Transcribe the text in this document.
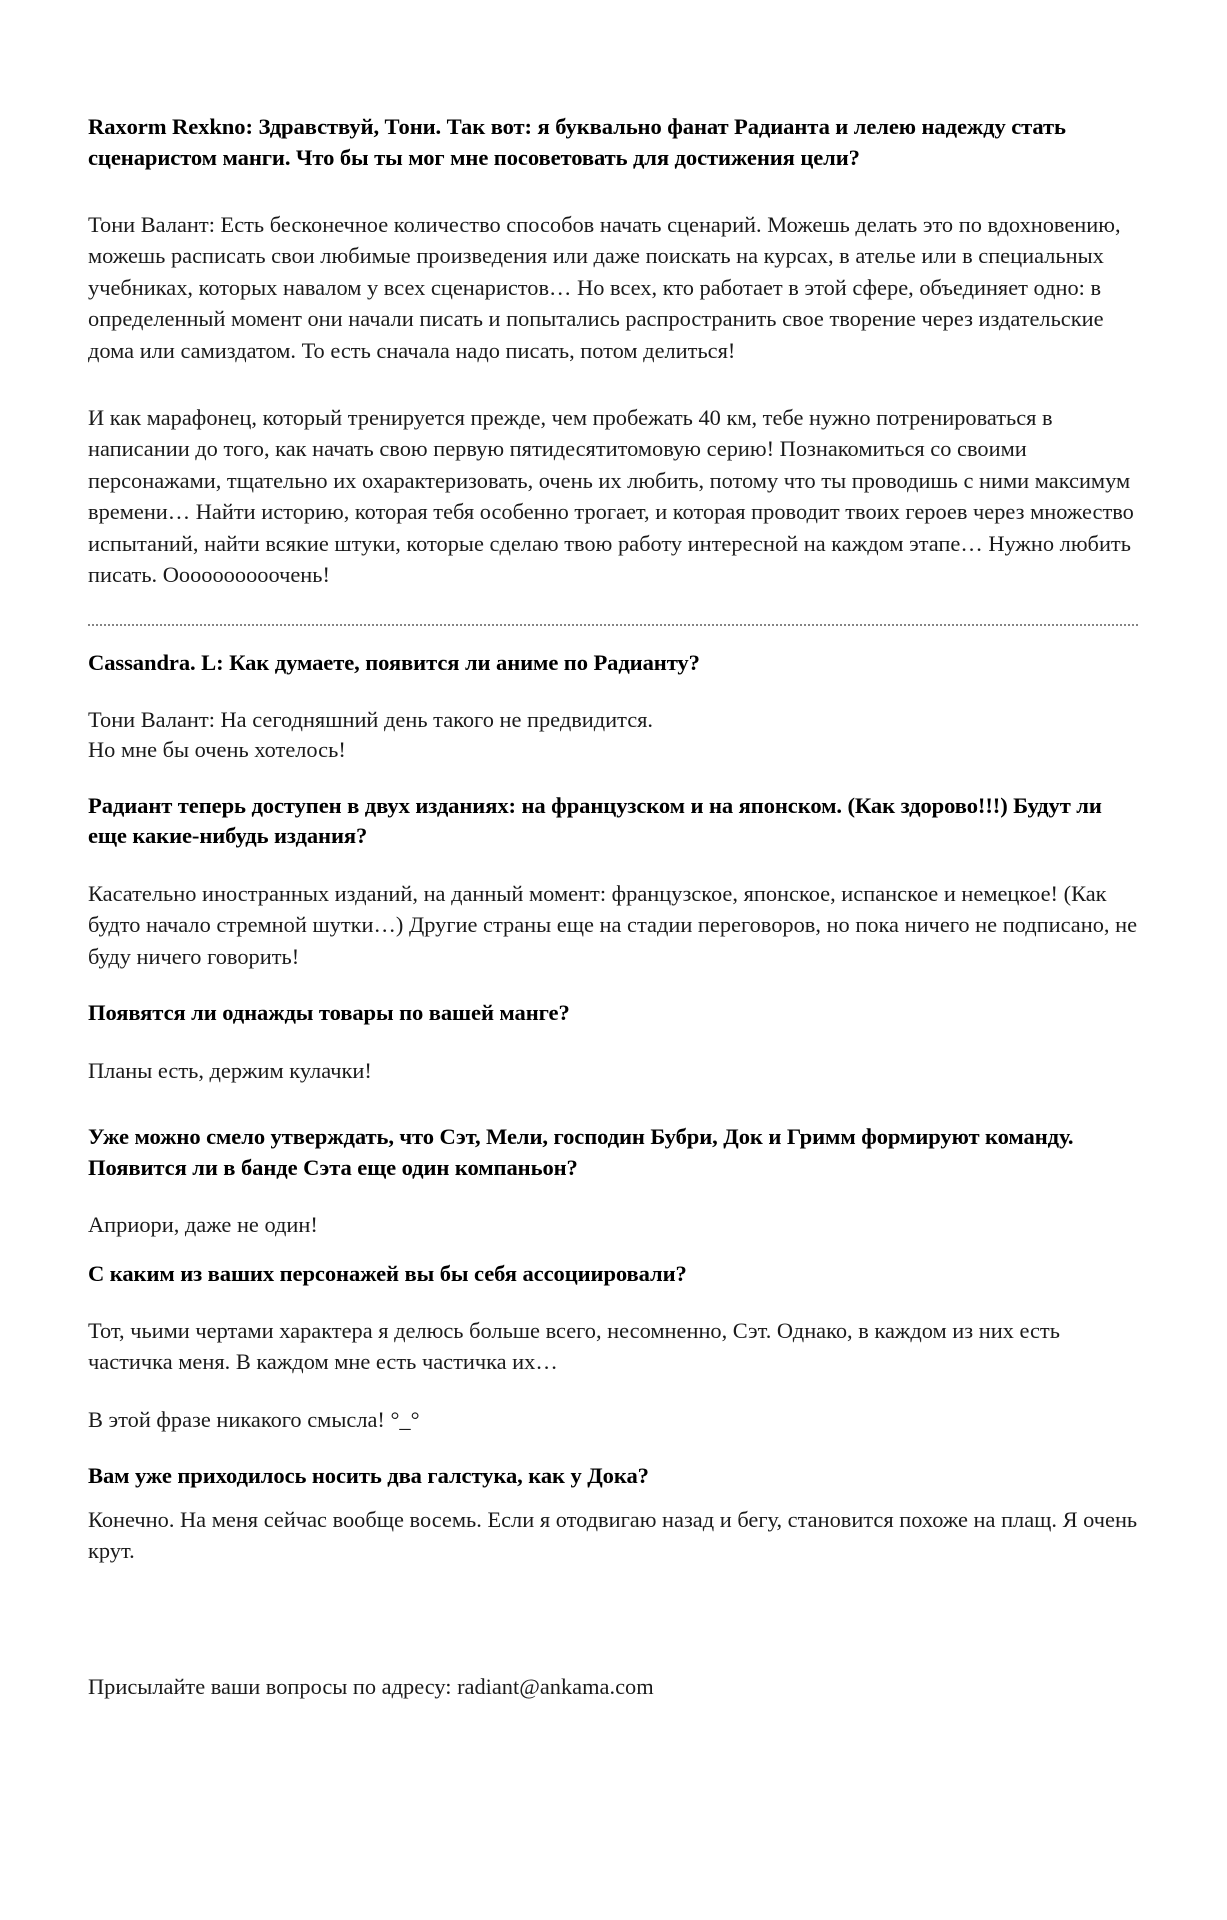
Raxorm Rexkno: Здравствуй, Тони. Так вот: я буквально фанат Радианта и лелею надежду стать сценаристом манги. Что бы ты мог мне посоветовать для достижения цели?

Тони Валант: Есть бесконечное количество способов начать сценарий. Можешь делать это по вдохновению, можешь расписать свои любимые произведения или даже поискать на курсах, в ателье или в специальных учебниках, которых навалом у всех сценаристов… Но всех, кто работает в этой сфере, объединяет одно: в определенный момент они начали писать и попытались распространить свое творение через издательские дома или самиздатом. То есть сначала надо писать, потом делиться!

И как марафонец, который тренируется прежде, чем пробежать 40 км, тебе нужно потренироваться в написании до того, как начать свою первую пятидесятитомовую серию! Познакомиться со своими персонажами, тщательно их охарактеризовать, очень их любить, потому что ты проводишь с ними максимум времени… Найти историю, которая тебя особенно трогает, и которая проводит твоих героев через множество испытаний, найти всякие штуки, которые сделаю твою работу интересной на каждом этапе… Нужно любить писать. Оооооооооочень!

Cassandra. L: Как думаете, появится ли аниме по Радианту?

Тони Валант: На сегодняшний день такого не предвидится.

Но мне бы очень хотелось!

Радиант теперь доступен в двух изданиях: на французском и на японском. (Как здорово!!!) Будут ли еще какие-нибудь издания?

Касательно иностранных изданий, на данный момент: французское, японское, испанское и немецкое! (Как будто начало стремной шутки…) Другие страны еще на стадии переговоров, но пока ничего не подписано, не буду ничего говорить!

Появятся ли однажды товары по вашей манге?

Планы есть, держим кулачки!

Уже можно смело утверждать, что Сэт, Мели, господин Бубри, Док и Гримм формируют команду. Появится ли в банде Сэта еще один компаньон?

Априори, даже не один!

С каким из ваших персонажей вы бы себя ассоциировали?

Тот, чьими чертами характера я делюсь больше всего, несомненно, Сэт. Однако, в каждом из них есть частичка меня. В каждом мне есть частичка их…

В этой фразе никакого смысла! °_°

Вам уже приходилось носить два галстука, как у Дока?

Конечно. На меня сейчас вообще восемь. Если я отодвигаю назад и бегу, становится похоже на плащ. Я очень крут.

Присылайте ваши вопросы по адресу: radiant@ankama.com
